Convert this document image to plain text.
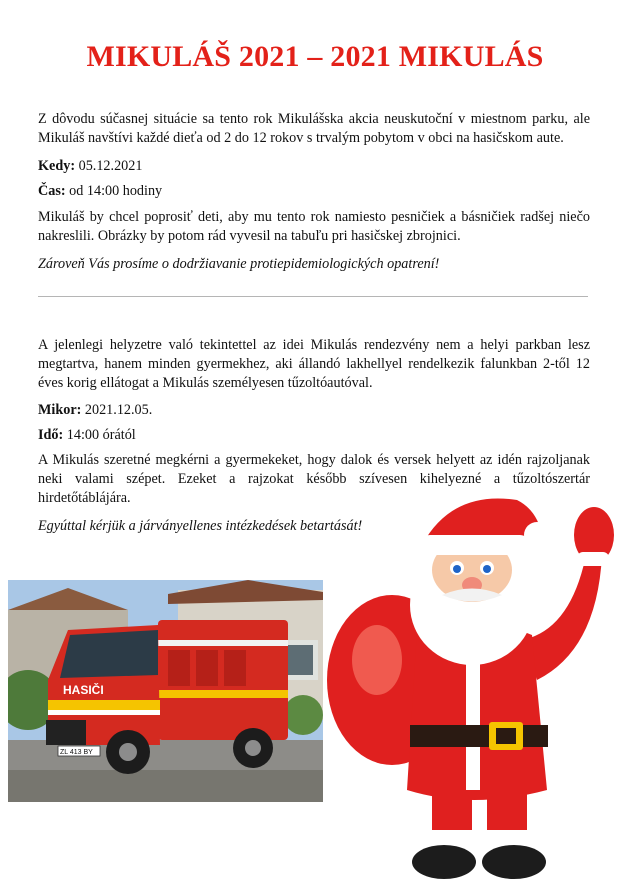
MIKULÁŠ 2021 – 2021 MIKULÁS

Z dôvodu súčasnej situácie sa tento rok Mikulášska akcia neuskutoční v miestnom parku, ale Mikuláš navštívi každé dieťa od 2 do 12 rokov s trvalým pobytom v obci na hasičskom aute.

Kedy: 05.12.2021
Čas: od 14:00 hodiny

Mikuláš by chcel poprosiť deti, aby mu tento rok namiesto pesničiek a básničiek radšej niečo nakreslili. Obrázky by potom rád vyvesil na tabuľu pri hasičskej zbrojnici.

Zároveň Vás prosíme o dodržiavanie protiepidemiologických opatrení!

A jelenlegi helyzetre való tekintettel az idei Mikulás rendezvény nem a helyi parkban lesz megtartva, hanem minden gyermekhez, aki állandó lakhellyel rendelkezik falunkban 2-től 12 éves korig ellátogat a Mikulás személyesen tűzoltóautóval.

Mikor: 2021.12.05.
Idő: 14:00 órától

A Mikulás szeretné megkérni a gyermekeket, hogy dalok és versek helyett az idén rajzoljanak neki valami szépet. Ezeket a rajzokat később szívesen kihelyezné a tűzoltószertár hirdetőtáblájára.

Egyúttal kérjük a járványellenes intézkedések betartását!
HASIČI
ZL 413 BY
